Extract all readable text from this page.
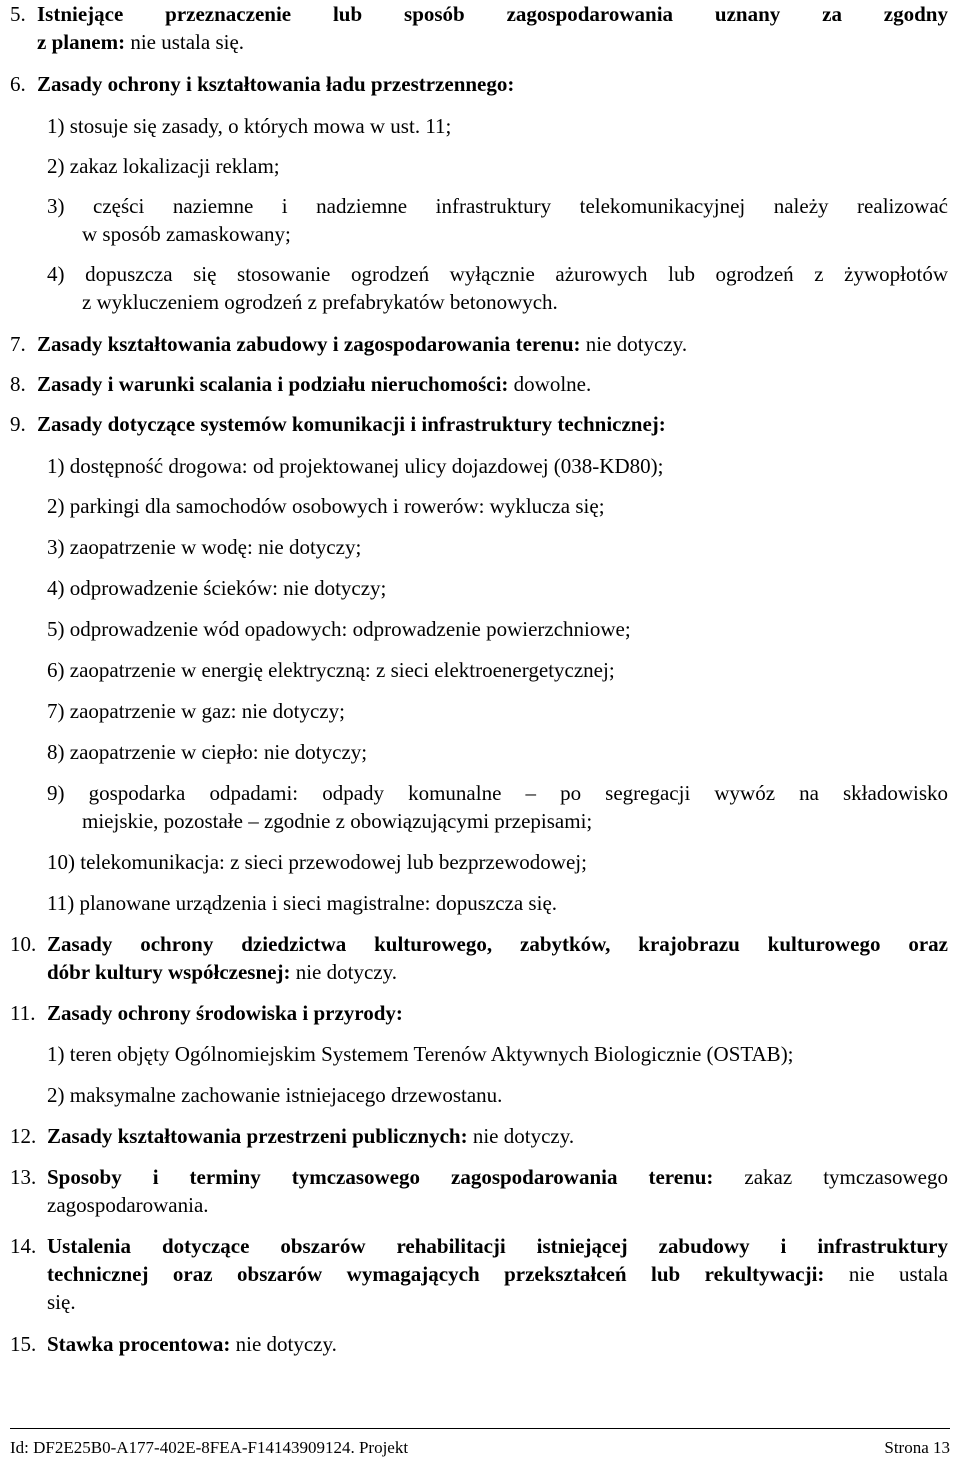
5. Istniejące przeznaczenie lub sposób zagospodarowania uznany za zgodny
z planem: nie ustala się.
6. Zasady ochrony i kształtowania ładu przestrzennego:
1) stosuje się zasady, o których mowa w ust. 11;
2) zakaz lokalizacji reklam;
3) części naziemne i nadziemne infrastruktury telekomunikacyjnej należy realizować
w sposób zamaskowany;
4) dopuszcza się stosowanie ogrodzeń wyłącznie ażurowych lub ogrodzeń z żywopłotów
z wykluczeniem ogrodzeń z prefabrykatów betonowych.
7. Zasady kształtowania zabudowy i zagospodarowania terenu: nie dotyczy.
8. Zasady i warunki scalania i podziału nieruchomości: dowolne.
9. Zasady dotyczące systemów komunikacji i infrastruktury technicznej:
1) dostępność drogowa: od projektowanej ulicy dojazdowej (038-KD80);
2) parkingi dla samochodów osobowych i rowerów: wyklucza się;
3) zaopatrzenie w wodę: nie dotyczy;
4) odprowadzenie ścieków: nie dotyczy;
5) odprowadzenie wód opadowych: odprowadzenie powierzchniowe;
6) zaopatrzenie w energię elektryczną: z sieci elektroenergetycznej;
7) zaopatrzenie w gaz: nie dotyczy;
8) zaopatrzenie w ciepło: nie dotyczy;
9) gospodarka odpadami: odpady komunalne – po segregacji wywóz na składowisko
miejskie, pozostałe – zgodnie z obowiązującymi przepisami;
10) telekomunikacja: z sieci przewodowej lub bezprzewodowej;
11) planowane urządzenia i sieci magistralne: dopuszcza się.
10. Zasady ochrony dziedzictwa kulturowego, zabytków, krajobrazu kulturowego oraz
dóbr kultury współczesnej: nie dotyczy.
11. Zasady ochrony środowiska i przyrody:
1) teren objęty Ogólnomiejskim Systemem Terenów Aktywnych Biologicznie (OSTAB);
2) maksymalne zachowanie istniejacego drzewostanu.
12. Zasady kształtowania przestrzeni publicznych: nie dotyczy.
13. Sposoby i terminy tymczasowego zagospodarowania terenu: zakaz tymczasowego
zagospodarowania.
14. Ustalenia dotyczące obszarów rehabilitacji istniejącej zabudowy i infrastruktury
technicznej oraz obszarów wymagających przekształceń lub rekultywacji: nie ustala
się.
15. Stawka procentowa: nie dotyczy.
Id: DF2E25B0-A177-402E-8FEA-F14143909124. Projekt	Strona 13
